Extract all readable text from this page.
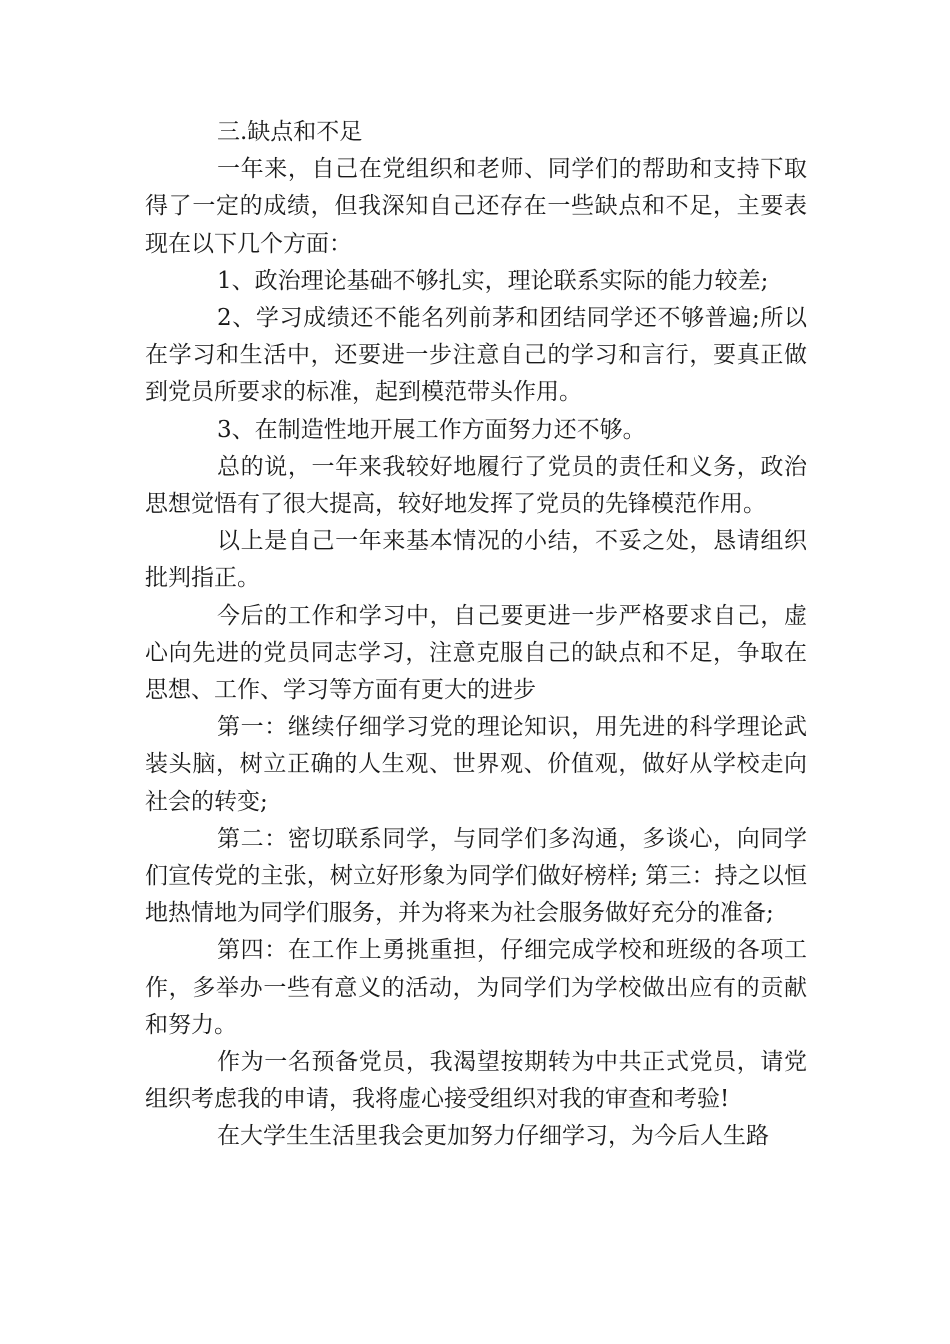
三.缺点和不足

一年来，自己在党组织和老师、同学们的帮助和支持下取得了一定的成绩，但我深知自己还存在一些缺点和不足，主要表现在以下几个方面：

1、政治理论基础不够扎实，理论联系实际的能力较差;

2、学习成绩还不能名列前茅和团结同学还不够普遍;所以在学习和生活中，还要进一步注意自己的学习和言行，要真正做到党员所要求的标准，起到模范带头作用。

3、在制造性地开展工作方面努力还不够。

总的说，一年来我较好地履行了党员的责任和义务，政治思想觉悟有了很大提高，较好地发挥了党员的先锋模范作用。

以上是自己一年来基本情况的小结，不妥之处，恳请组织批判指正。

今后的工作和学习中，自己要更进一步严格要求自己，虚心向先进的党员同志学习，注意克服自己的缺点和不足，争取在思想、工作、学习等方面有更大的进步

第一：继续仔细学习党的理论知识，用先进的科学理论武装头脑，树立正确的人生观、世界观、价值观，做好从学校走向社会的转变;

第二：密切联系同学，与同学们多沟通，多谈心，向同学们宣传党的主张，树立好形象为同学们做好榜样; 第三：持之以恒地热情地为同学们服务，并为将来为社会服务做好充分的准备;

第四：在工作上勇挑重担，仔细完成学校和班级的各项工作，多举办一些有意义的活动，为同学们为学校做出应有的贡献和努力。

作为一名预备党员，我渴望按期转为中共正式党员，请党组织考虑我的申请，我将虚心接受组织对我的审查和考验!

在大学生生活里我会更加努力仔细学习，为今后人生路
